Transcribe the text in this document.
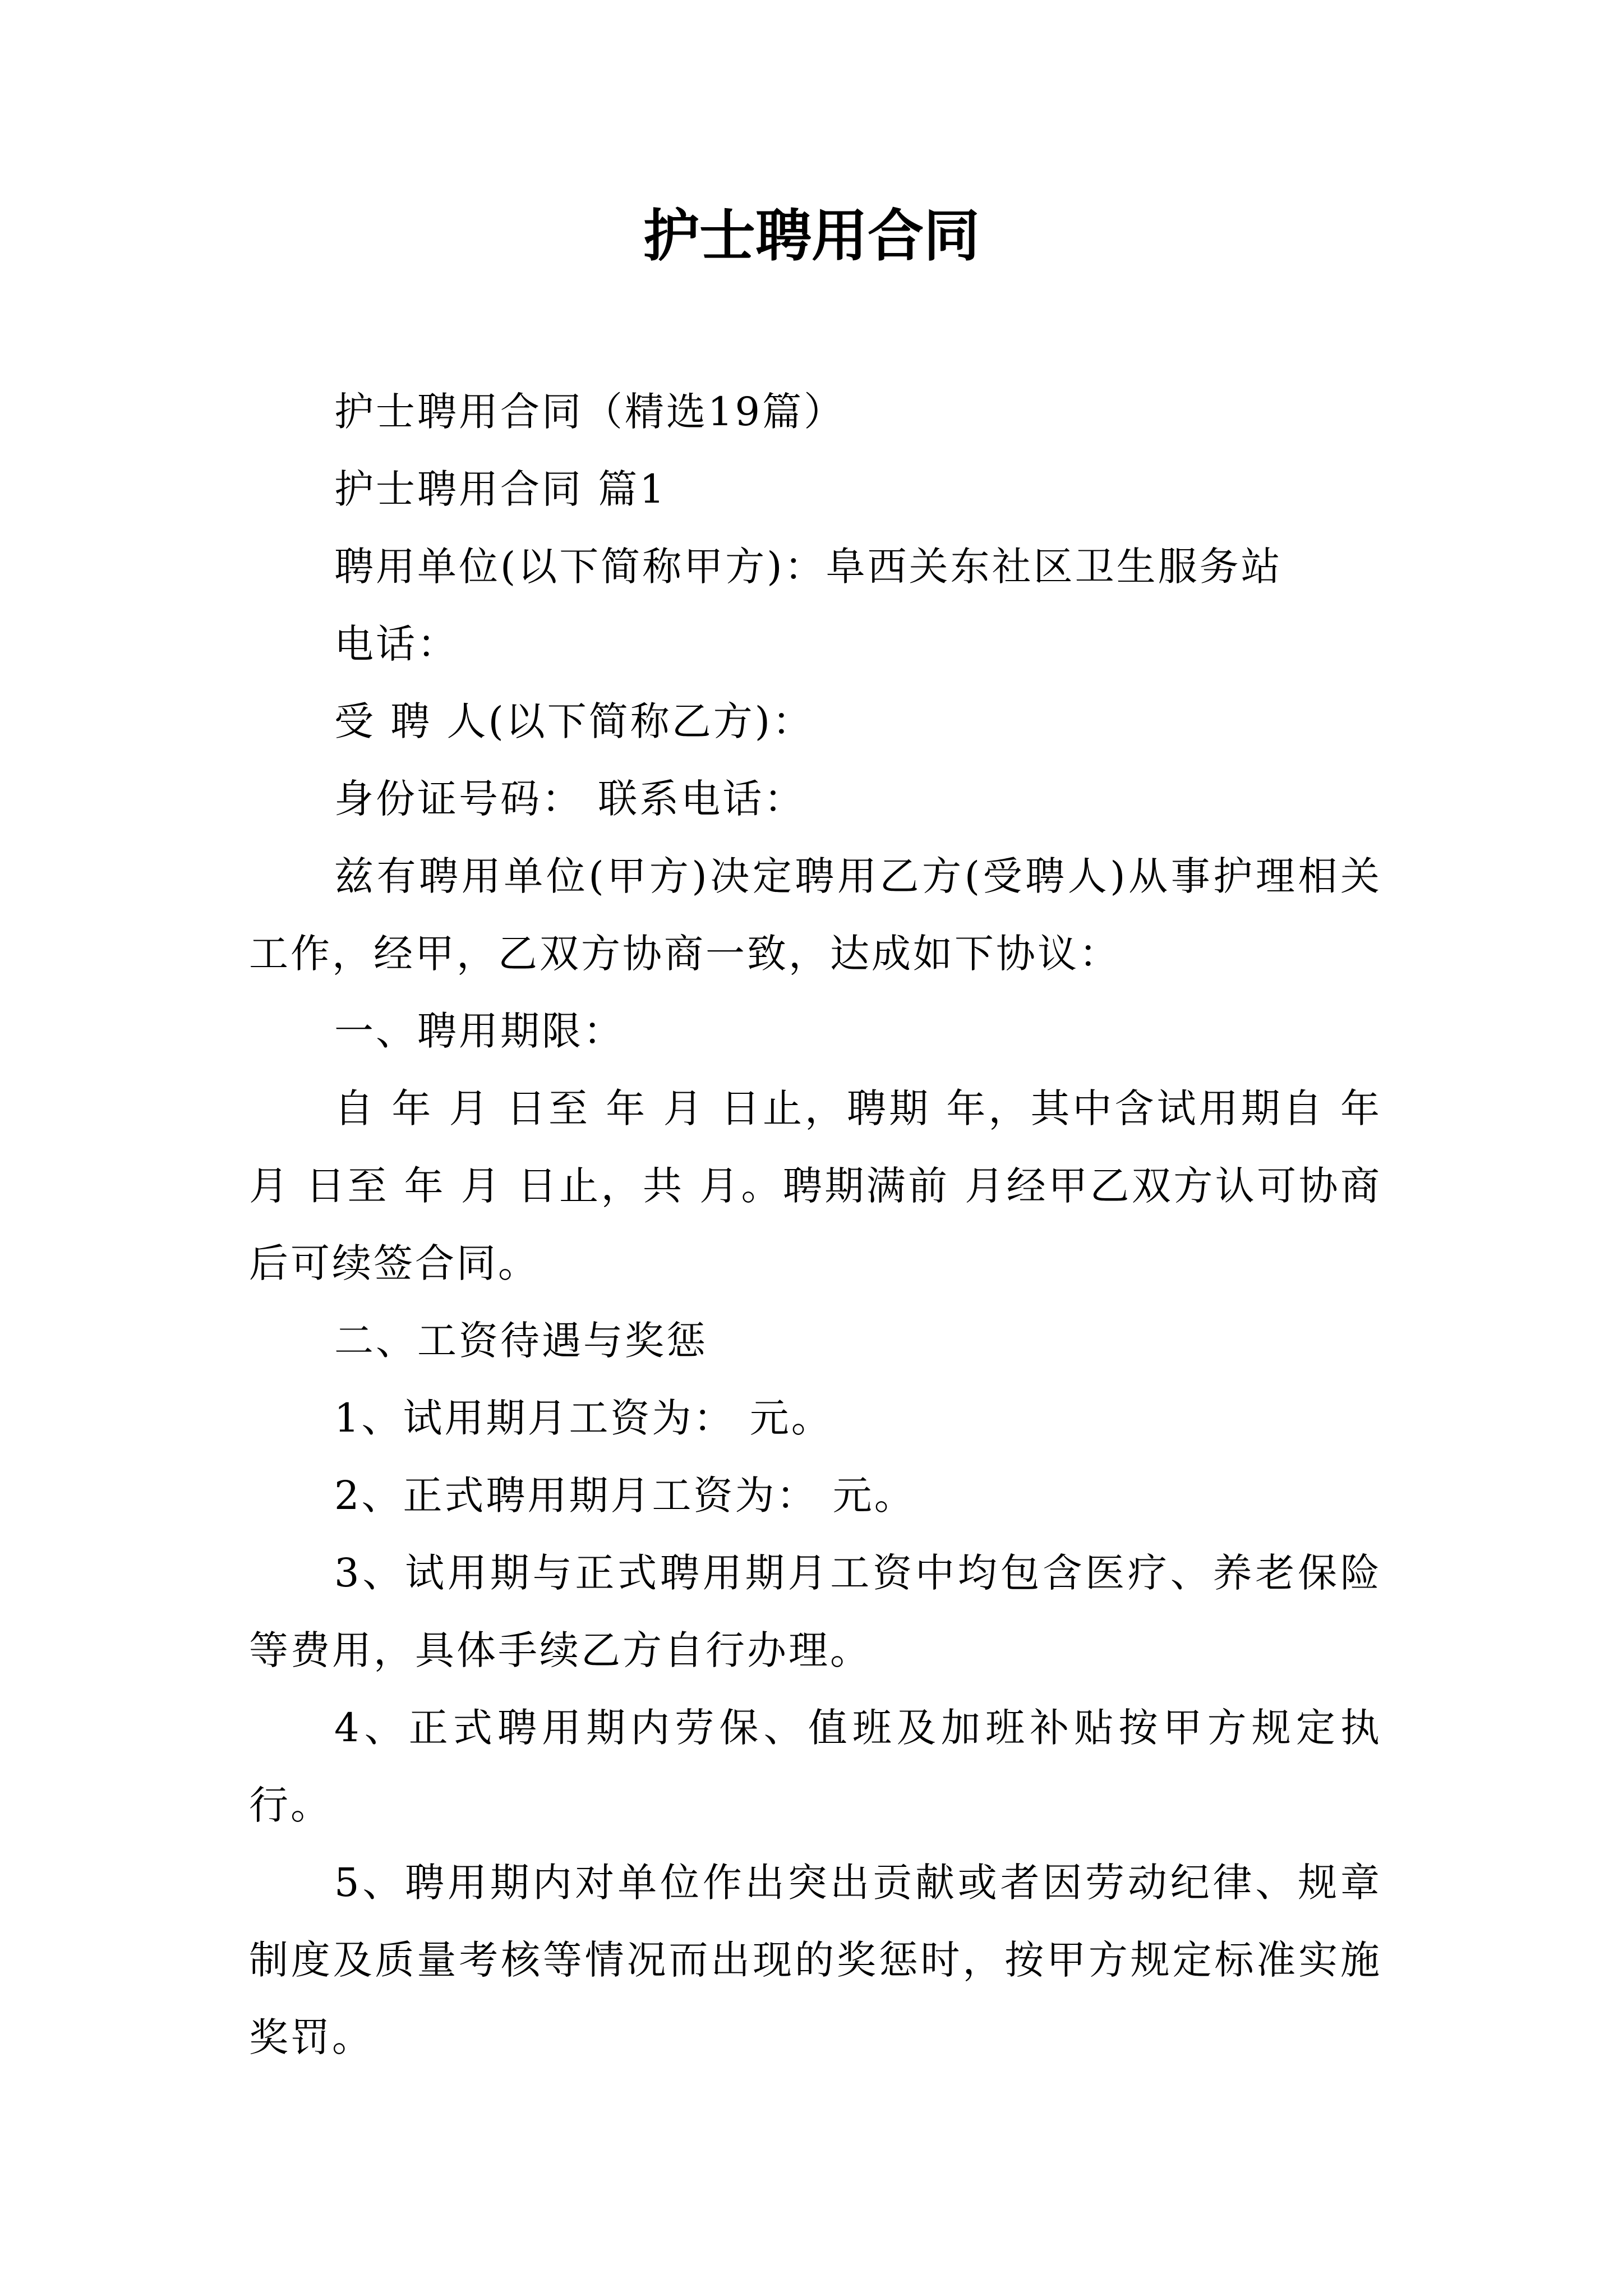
护士聘用合同

护士聘用合同（精选19篇）

护士聘用合同 篇1

聘用单位(以下简称甲方)：阜西关东社区卫生服务站

电话：

受 聘 人(以下简称乙方)：

身份证号码： 联系电话：

兹有聘用单位(甲方)决定聘用乙方(受聘人)从事护理相关工作，经甲，乙双方协商一致，达成如下协议：

一、聘用期限：

自 年 月 日至 年 月 日止，聘期 年，其中含试用期自 年 月 日至 年 月 日止，共 月。聘期满前 月经甲乙双方认可协商后可续签合同。

二、工资待遇与奖惩

1、试用期月工资为： 元。

2、正式聘用期月工资为： 元。

3、试用期与正式聘用期月工资中均包含医疗、养老保险等费用，具体手续乙方自行办理。

4、正式聘用期内劳保、值班及加班补贴按甲方规定执行。

5、聘用期内对单位作出突出贡献或者因劳动纪律、规章制度及质量考核等情况而出现的奖惩时，按甲方规定标准实施奖罚。
